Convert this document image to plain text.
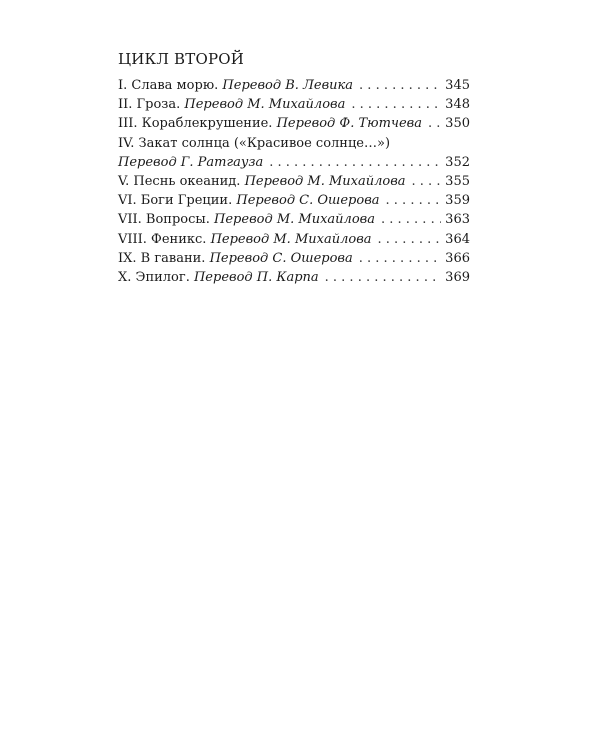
ЦИКЛ ВТОРОЙ
I. Слава морю. Перевод В. Левика . . .	345
II. Гроза. Перевод М. Михайлова . . .	348
III. Кораблекрушение. Перевод Ф. Тютчева . . . 350
IV. Закат солнца («Красивое солнце…»)
Перевод Г. Ратгауза . . .	352
V. Песнь океанид. Перевод М. Михайлова . . .	355
VI. Боги Греции. Перевод С. Ошерова . . .	359
VII. Вопросы. Перевод М. Михайлова . . .	363
VIII. Феникс. Перевод М. Михайлова . . .	364
IX. В гавани. Перевод С. Ошерова . . .	366
X. Эпилог. Перевод П. Карпа . . .	369
